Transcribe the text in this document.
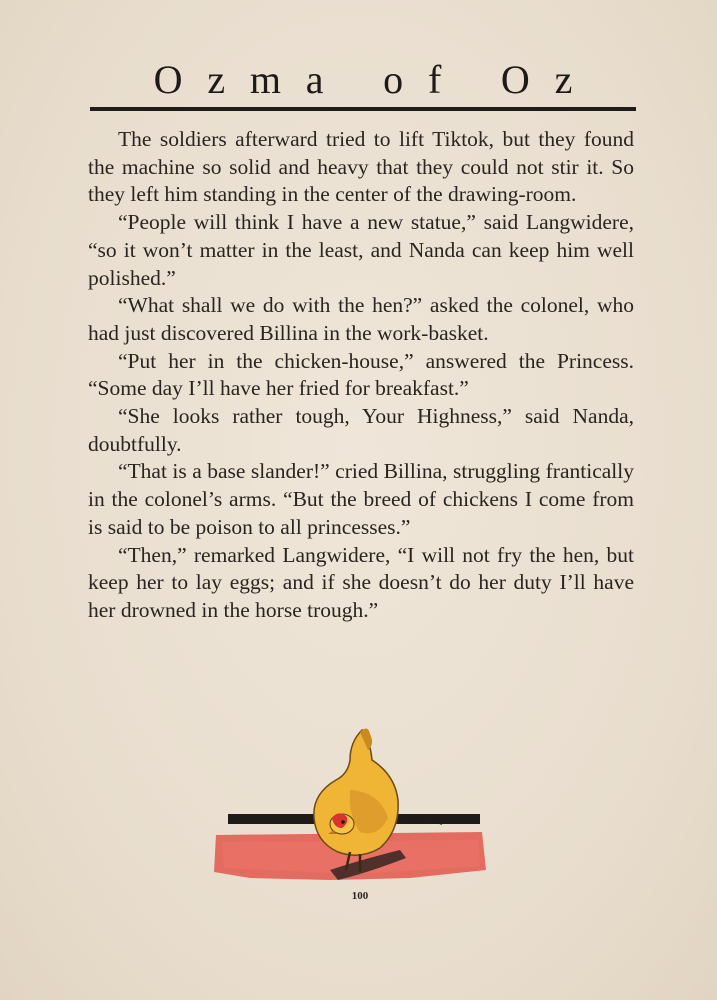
Ozma of Oz

The soldiers afterward tried to lift Tiktok, but they found the machine so solid and heavy that they could not stir it. So they left him standing in the center of the drawing-room.

“People will think I have a new statue,” said Langwidere, “so it won’t matter in the least, and Nanda can keep him well polished.”

“What shall we do with the hen?” asked the colonel, who had just discovered Billina in the work-basket.

“Put her in the chicken-house,” answered the Princess. “Some day I’ll have her fried for breakfast.”

“She looks rather tough, Your Highness,” said Nanda, doubtfully.

“That is a base slander!” cried Billina, struggling frantically in the colonel’s arms. “But the breed of chickens I come from is said to be poison to all princesses.”

“Then,” remarked Langwidere, “I will not fry the hen, but keep her to lay eggs; and if she doesn’t do her duty I’ll have her drowned in the horse trough.”

100
